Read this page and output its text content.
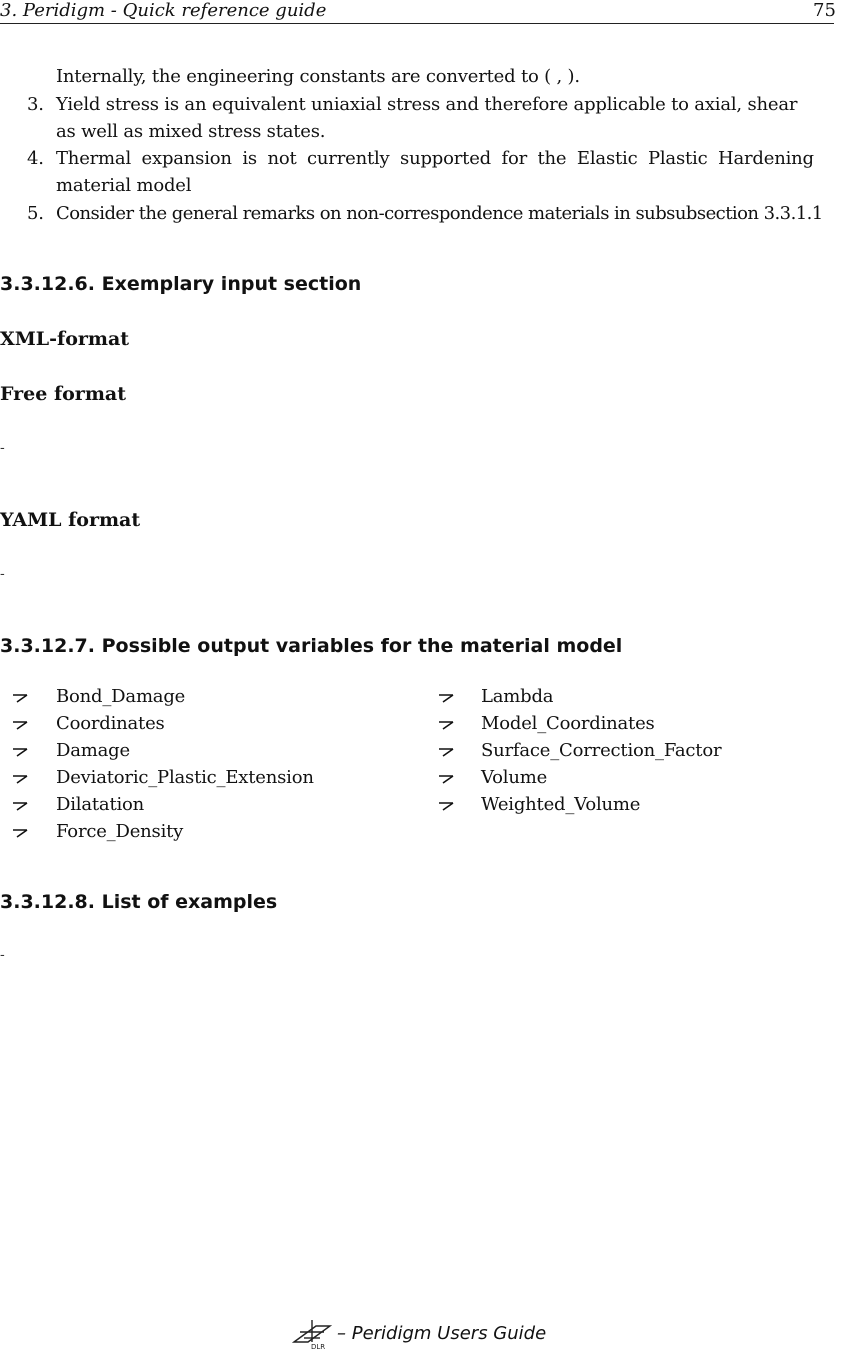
3. Peridigm - Quick reference guide	75
Internally, the engineering constants are converted to ( , ).
3. Yield stress is an equivalent uniaxial stress and therefore applicable to axial, shear
as well as mixed stress states.
4. Thermal expansion is not currently supported for the Elastic Plastic Hardening
material model
5. Consider the general remarks on non-correspondence materials in subsubsection 3.3.1.1
3.3.12.6. Exemplary input section
XML-format
Free format
-
YAML format
-
3.3.12.7. Possible output variables for the material model
Bond_Damage
Coordinates
Damage
Deviatoric_Plastic_Extension
Dilatation
Force_Density
Lambda
Model_Coordinates
Surface_Correction_Factor
Volume
Weighted_Volume
3.3.12.8. List of examples
-
DLR
– Peridigm Users Guide
